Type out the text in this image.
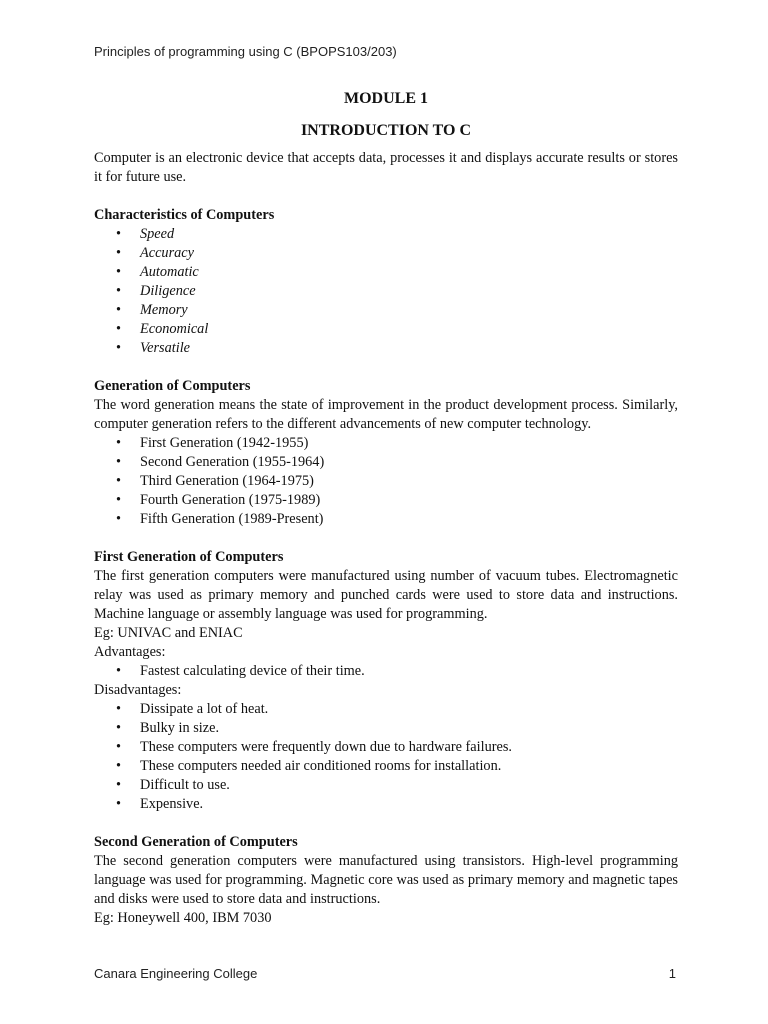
Principles of programming using C (BPOPS103/203)
MODULE 1
INTRODUCTION TO C

Computer is an electronic device that accepts data, processes it and displays accurate results or stores it for future use.

Characteristics of Computers
• Speed
• Accuracy
• Automatic
• Diligence
• Memory
• Economical
• Versatile
Generation of Computers

The word generation means the state of improvement in the product development process. Similarly, computer generation refers to the different advancements of new computer technology.

• First Generation (1942-1955)
• Second Generation (1955-1964)
• Third Generation (1964-1975)
• Fourth Generation (1975-1989)
• Fifth Generation (1989-Present)
First Generation of Computers

The first generation computers were manufactured using number of vacuum tubes. Electromagnetic relay was used as primary memory and punched cards were used to store data and instructions. Machine language or assembly language was used for programming.

Eg: UNIVAC and ENIAC

Advantages:

• Fastest calculating device of their time.

Disadvantages:

• Dissipate a lot of heat.
• Bulky in size.
• These computers were frequently down due to hardware failures.
• These computers needed air conditioned rooms for installation.
• Difficult to use.
• Expensive.
Second Generation of Computers

The second generation computers were manufactured using transistors. High-level programming language was used for programming. Magnetic core was used as primary memory and magnetic tapes and disks were used to store data and instructions.

Eg: Honeywell 400, IBM 7030

Canara Engineering College	1
